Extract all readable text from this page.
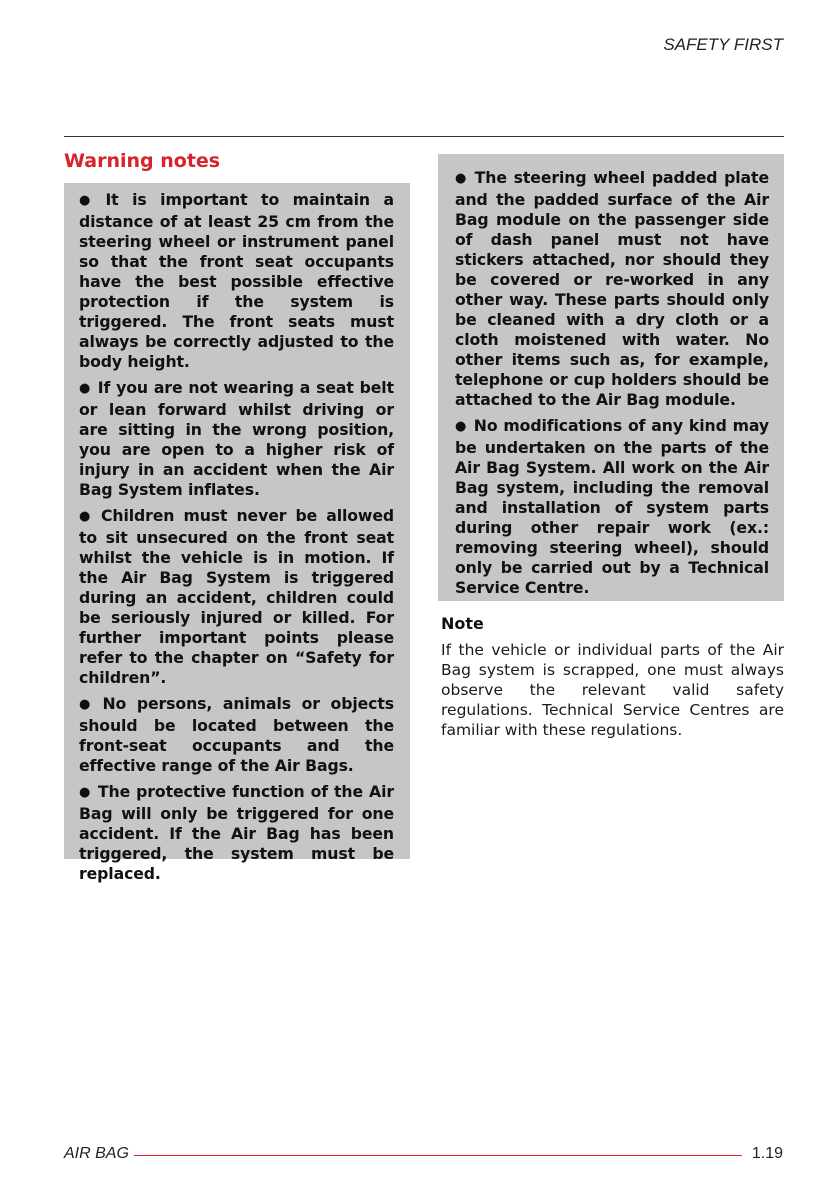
SAFETY FIRST
Warning notes

● It is important to maintain a distance of at least 25 cm from the steering wheel or instrument panel so that the front seat occupants have the best possible effective protection if the system is triggered. The front seats must always be correctly adjusted to the body height.

● If you are not wearing a seat belt or lean forward whilst driving or are sitting in the wrong position, you are open to a higher risk of injury in an accident when the Air Bag System inflates.

● Children must never be allowed to sit unsecured on the front seat whilst the vehicle is in motion. If the Air Bag System is triggered during an accident, children could be seriously injured or killed. For further important points please refer to the chapter on “Safety for children”.

● No persons, animals or objects should be located between the front-seat occupants and the effective range of the Air Bags.

● The protective function of the Air Bag will only be triggered for one accident. If the Air Bag has been triggered, the system must be replaced.

● The steering wheel padded plate and the padded surface of the Air Bag module on the passenger side of dash panel must not have stickers attached, nor should they be covered or re-worked in any other way. These parts should only be cleaned with a dry cloth or a cloth moistened with water. No other items such as, for example, telephone or cup holders should be attached to the Air Bag module.

● No modifications of any kind may be undertaken on the parts of the Air Bag System. All work on the Air Bag system, including the removal and installation of system parts during other repair work (ex.: removing steering wheel), should only be carried out by a Technical Service Centre.

Note

If the vehicle or individual parts of the Air Bag system is scrapped, one must always observe the relevant valid safety regulations. Technical Service Centres are familiar with these regulations.

AIR BAG	1.19
